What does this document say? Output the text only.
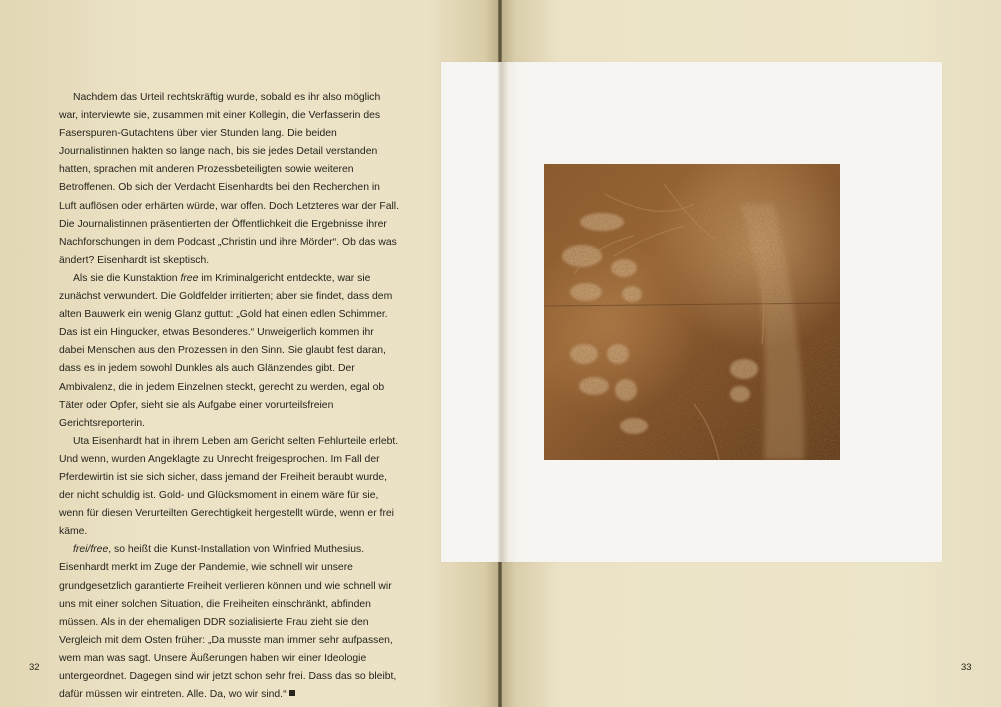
Nachdem das Urteil rechtskräftig wurde, sobald es ihr also möglich war, interviewte sie, zusammen mit einer Kollegin, die Verfasserin des Faserspuren-Gutachtens über vier Stunden lang. Die beiden Journalistinnen hakten so lange nach, bis sie jedes Detail verstanden hatten, sprachen mit anderen Prozessbeteiligten sowie weiteren Betroffenen. Ob sich der Verdacht Eisenhardts bei den Recherchen in Luft auflösen oder erhärten würde, war offen. Doch Letzteres war der Fall. Die Journalistinnen präsentierten der Öffentlichkeit die Ergebnisse ihrer Nachforschungen in dem Podcast „Christin und ihre Mörder“. Ob das was ändert? Eisenhardt ist skeptisch.

Als sie die Kunstaktion free im Kriminalgericht entdeckte, war sie zunächst verwundert. Die Goldfelder irritierten; aber sie findet, dass dem alten Bauwerk ein wenig Glanz guttut: „Gold hat einen edlen Schimmer. Das ist ein Hingucker, etwas Besonderes.“ Unweigerlich kommen ihr dabei Menschen aus den Prozessen in den Sinn. Sie glaubt fest daran, dass es in jedem sowohl Dunkles als auch Glänzendes gibt. Der Ambivalenz, die in jedem Einzelnen steckt, gerecht zu werden, egal ob Täter oder Opfer, sieht sie als Aufgabe einer vorurteilsfreien Gerichtsreporterin.

Uta Eisenhardt hat in ihrem Leben am Gericht selten Fehlurteile erlebt. Und wenn, wurden Angeklagte zu Unrecht freigesprochen. Im Fall der Pferdewirtin ist sie sich sicher, dass jemand der Freiheit beraubt wurde, der nicht schuldig ist. Gold- und Glücksmoment in einem wäre für sie, wenn für diesen Verurteilten Gerechtigkeit hergestellt würde, wenn er frei käme.

frei/free, so heißt die Kunst-Installation von Winfried Muthesius. Eisenhardt merkt im Zuge der Pandemie, wie schnell wir unsere grundgesetzlich garantierte Freiheit verlieren können und wie schnell wir uns mit einer solchen Situation, die Freiheiten einschränkt, abfinden müssen. Als in der ehemaligen DDR sozialisierte Frau zieht sie den Vergleich mit dem Osten früher: „Da musste man immer sehr aufpassen, wem man was sagt. Unsere Äußerungen haben wir einer Ideologie untergeordnet. Dagegen sind wir jetzt schon sehr frei. Dass das so bleibt, dafür müssen wir eintreten. Alle. Da, wo wir sind.“

32	33
